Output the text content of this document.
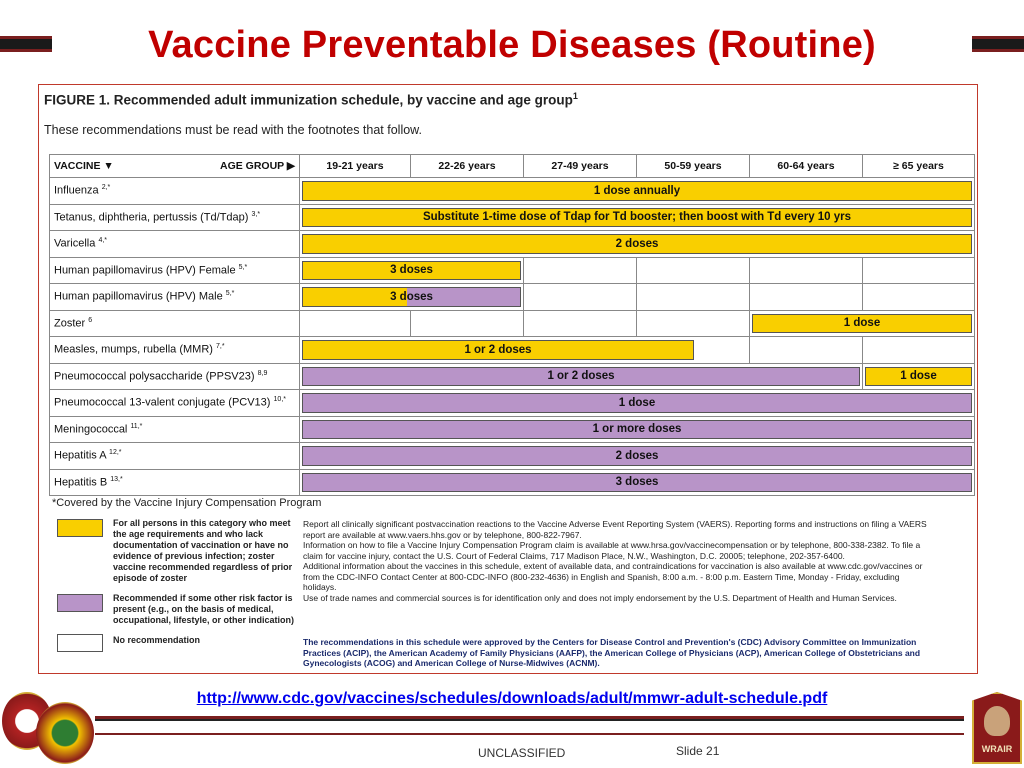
Vaccine Preventable Diseases (Routine)
FIGURE 1. Recommended adult immunization schedule, by vaccine and age group$^1$
These recommendations must be read with the footnotes that follow.
VACCINE ▼ AGE GROUP ▶	19-21 years	22-26 years	27-49 years	50-59 years	60-64 years	≥ 65 years
Influenza $^{2,*}$	1 dose annually					

Tetanus, diphtheria, pertussis (Td/Tdap) $^{3,*}$	Substitute 1-time dose of Tdap for Td booster; then boost with Td every 10 yrs					

Varicella $^{4,*}$	2 doses					

Human papillomavirus (HPV) Female $^{5,*}$	3 doses					

Human papillomavirus (HPV) Male $^{5,*}$	3 doses					

Zoster $^6$					1 dose	

Measles, mumps, rubella (MMR) $^{7,*}$	1 or 2 doses					

Pneumococcal polysaccharide (PPSV23) $^{8,9}$	1 or 2 doses					1 dose

Pneumococcal 13-valent conjugate (PCV13) $^{10,*}$	1 dose					

Meningococcal $^{11,*}$	1 or more doses					

Hepatitis A $^{12,*}$	2 doses					

Hepatitis B $^{13,*}$	3 doses					
*Covered by the Vaccine Injury Compensation Program
For all persons in this category who meet the age requirements and who lack documentation of vaccination or have no evidence of previous infection; zoster vaccine recommended regardless of prior episode of zoster
Recommended if some other risk factor is present (e.g., on the basis of medical, occupational, lifestyle, or other indication)
No recommendation
Report all clinically significant postvaccination reactions to the Vaccine Adverse Event Reporting System (VAERS). Reporting forms and instructions on filing a VAERS report are available at www.vaers.hhs.gov or by telephone, 800-822-7967.
Information on how to file a Vaccine Injury Compensation Program claim is available at www.hrsa.gov/vaccinecompensation or by telephone, 800-338-2382. To file a claim for vaccine injury, contact the U.S. Court of Federal Claims, 717 Madison Place, N.W., Washington, D.C. 20005; telephone, 202-357-6400.
Additional information about the vaccines in this schedule, extent of available data, and contraindications for vaccination is also available at www.cdc.gov/vaccines or from the CDC-INFO Contact Center at 800-CDC-INFO (800-232-4636) in English and Spanish, 8:00 a.m. - 8:00 p.m. Eastern Time, Monday - Friday, excluding holidays.
Use of trade names and commercial sources is for identification only and does not imply endorsement by the U.S. Department of Health and Human Services.
The recommendations in this schedule were approved by the Centers for Disease Control and Prevention's (CDC) Advisory Committee on Immunization Practices (ACIP), the American Academy of Family Physicians (AAFP), the American College of Physicians (ACP), American College of Obstetricians and Gynecologists (ACOG) and American College of Nurse-Midwives (ACNM).
http://www.cdc.gov/vaccines/schedules/downloads/adult/mmwr-adult-schedule.pdf
UNCLASSIFIED	Slide 21	WRAIR
